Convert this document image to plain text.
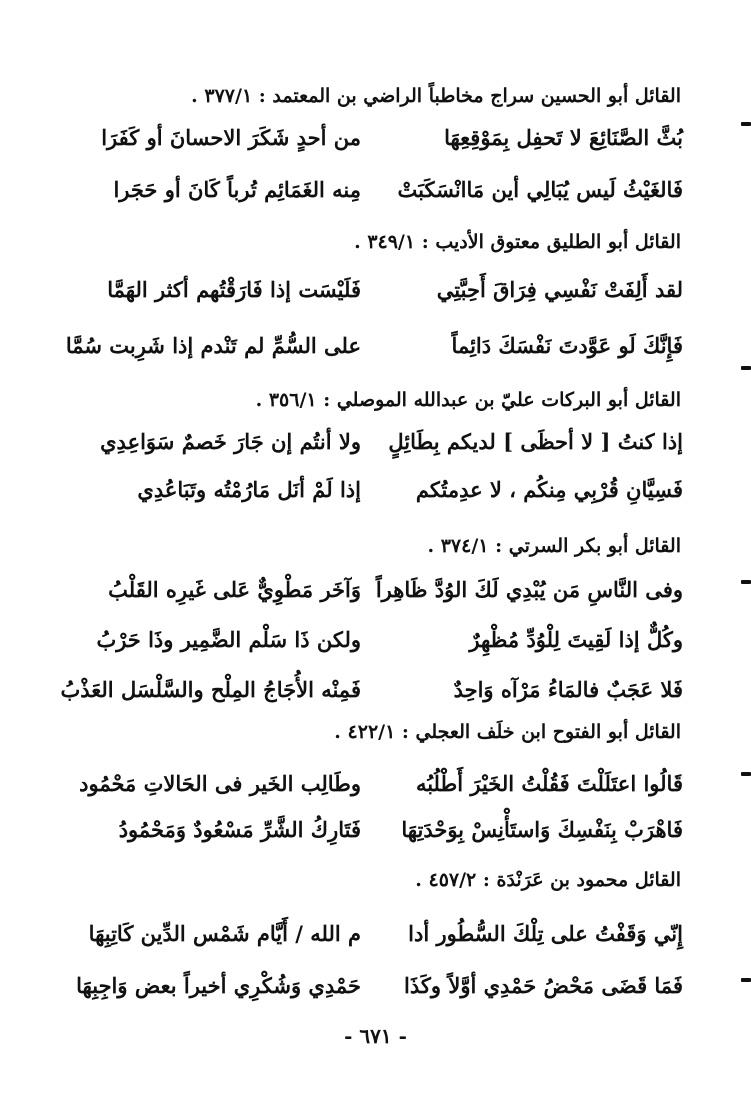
القائل أبو الحسين سراج مخاطباً الراضي بن المعتمد : ٣٧٧/١ .
بُثَّ الصَّنَائِعَ لا تَحفِل بِمَوْقِعِهَا
من أحدٍ شَكَرَ الاحسانَ أو كَفَرَا
فَالغَيْثُ لَيس يُبَالِي أين مَاانْسَكَبَتْ
مِنه الغَمَائِم تُرباً كَانَ أو حَجَرا
القائل أبو الطليق معتوق الأديب : ٣٤٩/١ .
لقد أَلِفَتْ نَفْسِي فِرَاقَ أَحِبَّتِي
فَلَيْسَت إذا فَارَقْتُهم أكثر الهَمَّا
فَإِنَّكَ لَو عَوَّدتَ نَفْسَكَ دَائِماً
على السُّمِّ لم تَنْدم إذا شَرِبت سُمَّا
القائل أبو البركات عليّ بن عبدالله الموصلي : ٣٥٦/١ .
إذا كنتُ [ لا أحظَى ] لديكم بِطَائِلٍ
ولا أنتُم إن جَارَ خَصمٌ سَوَاعِدِي
فَسِيَّانِ قُرْبِي مِنكُم ، لا عدِمتُكم
إذا لَمْ أنَل مَارُمْتُه وتَبَاعُدِي
القائل أبو بكر السرتي : ٣٧٤/١ .
وفى النَّاسِ مَن يُبْدِي لَكَ الوُدَّ ظَاهِراً
وَآخَر مَطْوِيٌّ عَلى غَيرِه القَلْبُ
وكُلٌّ إذا لَقِيتَ لِلْوُدِّ مُظْهِرٌ
ولكن ذَا سَلْم الضَّمِير وذَا حَرْبُ
فَلا عَجَبٌ فالمَاءُ مَرْآه وَاحِدٌ
فَمِنْه الأُجَاجُ المِلْح والسَّلْسَل العَذْبُ
القائل أبو الفتوح ابن خلَف العجلي : ٤٢٢/١ .
قَالُوا اعتَلَلْتَ فَقُلْتُ الخَيْرَ أَطْلُبُه
وطَالِب الخَير فى الحَالاتِ مَحْمُود
فَاهْرَبْ بِنَفْسِكَ وَاستَأْنِسْ بِوَحْدَتِهَا
فَتَارِكُ الشَّرِّ مَسْعُودٌ وَمَحْمُودُ
القائل محمود بن عَرَنْدَة : ٤٥٧/٢ .
إِنّي وَقَفْتُ على تِلْكَ السُّطُور أدا
م الله / أَيَّام شَمْس الدِّين كَاتِبِهَا
فَمَا قَضَى مَحْضُ حَمْدِي أوَّلاً وكَذَا
حَمْدِي وَشُكْرِي أخيراً بعض وَاجِبِهَا
- ٦٧١ -
